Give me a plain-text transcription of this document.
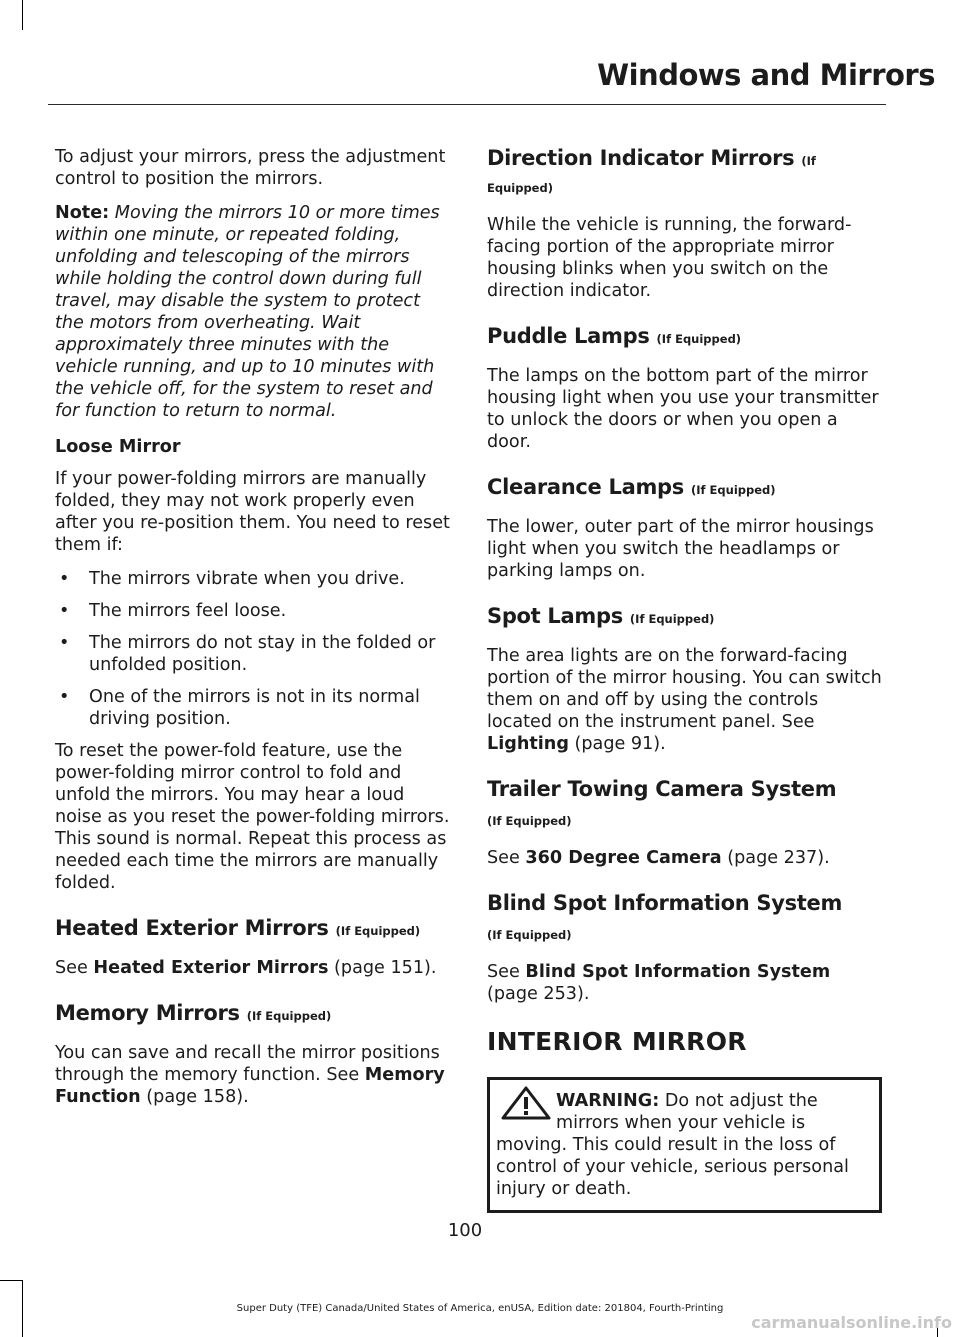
Windows and Mirrors

To adjust your mirrors, press the adjustment control to position the mirrors.

Note: Moving the mirrors 10 or more times within one minute, or repeated folding, unfolding and telescoping of the mirrors while holding the control down during full travel, may disable the system to protect the motors from overheating. Wait approximately three minutes with the vehicle running, and up to 10 minutes with the vehicle off, for the system to reset and for function to return to normal.

Loose Mirror

If your power-folding mirrors are manually folded, they may not work properly even after you re-position them. You need to reset them if:

• The mirrors vibrate when you drive.
• The mirrors feel loose.
• The mirrors do not stay in the folded or unfolded position.
• One of the mirrors is not in its normal driving position.

To reset the power-fold feature, use the power-folding mirror control to fold and unfold the mirrors. You may hear a loud noise as you reset the power-folding mirrors. This sound is normal. Repeat this process as needed each time the mirrors are manually folded.

Heated Exterior Mirrors (If Equipped)

See Heated Exterior Mirrors (page 151).

Memory Mirrors (If Equipped)

You can save and recall the mirror positions through the memory function. See Memory Function (page 158).

Direction Indicator Mirrors (If Equipped)

While the vehicle is running, the forward-facing portion of the appropriate mirror housing blinks when you switch on the direction indicator.

Puddle Lamps (If Equipped)

The lamps on the bottom part of the mirror housing light when you use your transmitter to unlock the doors or when you open a door.

Clearance Lamps (If Equipped)

The lower, outer part of the mirror housings light when you switch the headlamps or parking lamps on.

Spot Lamps (If Equipped)

The area lights are on the forward-facing portion of the mirror housing. You can switch them on and off by using the controls located on the instrument panel. See Lighting (page 91).

Trailer Towing Camera System
(If Equipped)

See 360 Degree Camera (page 237).

Blind Spot Information System
(If Equipped)

See Blind Spot Information System (page 253).

INTERIOR MIRROR
WARNING: Do not adjust the mirrors when your vehicle is moving. This could result in the loss of control of your vehicle, serious personal injury or death.
100
Super Duty (TFE) Canada/United States of America, enUSA, Edition date: 201804, Fourth-Printing
carmanualsonline.info
